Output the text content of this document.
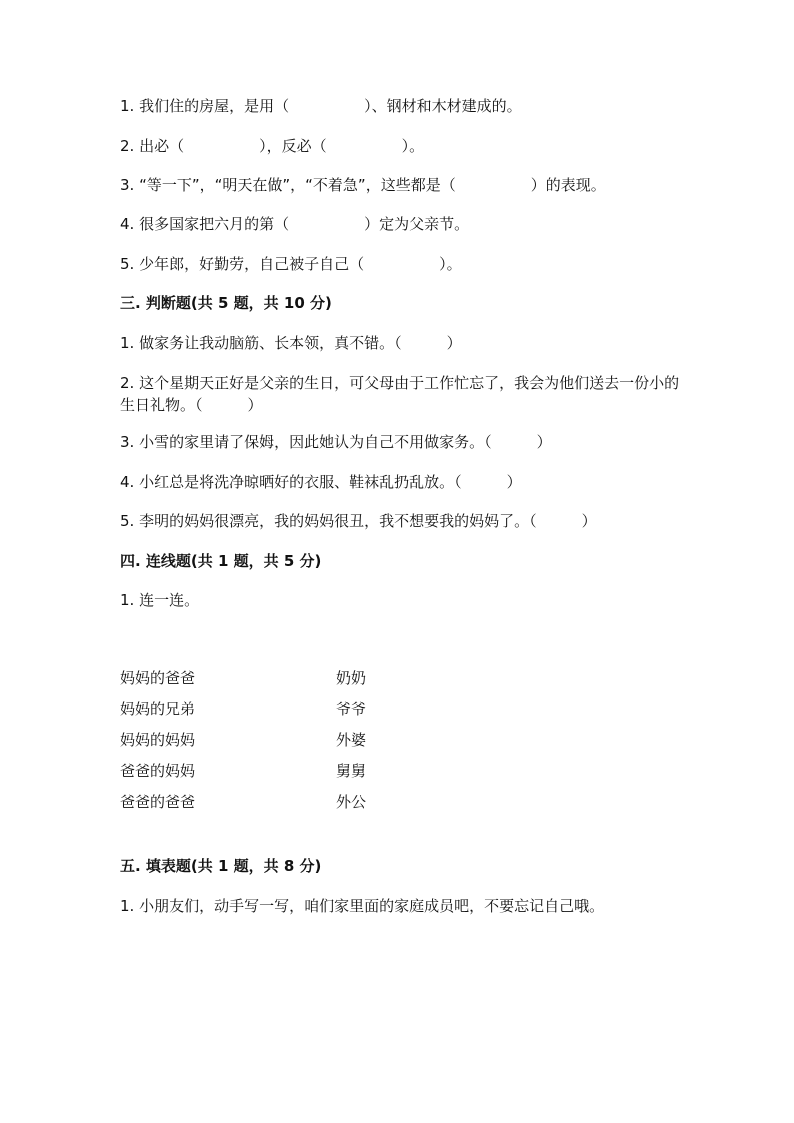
1. 我们住的房屋，是用（　　　　　）、钢材和木材建成的。
2. 出必（　　　　　），反必（　　　　　）。
3. “等一下”，“明天在做”，“不着急”，这些都是（　　　　　）的表现。
4. 很多国家把六月的第（　　　　　）定为父亲节。
5. 少年郎，好勤劳，自己被子自己（　　　　　）。
三. 判断题(共 5 题，共 10 分)
1. 做家务让我动脑筋、长本领，真不错。（　　　）
2. 这个星期天正好是父亲的生日，可父母由于工作忙忘了，我会为他们送去一份小的生日礼物。（　　　）
3. 小雪的家里请了保姆，因此她认为自己不用做家务。（　　　）
4. 小红总是将洗净晾晒好的衣服、鞋袜乱扔乱放。（　　　）
5. 李明的妈妈很漂亮，我的妈妈很丑，我不想要我的妈妈了。（　　　）
四. 连线题(共 1 题，共 5 分)
1. 连一连。
妈妈的爸爸
妈妈的兄弟
妈妈的妈妈
爸爸的妈妈
爸爸的爸爸
奶奶
爷爷
外婆
舅舅
外公
五. 填表题(共 1 题，共 8 分)
1. 小朋友们，动手写一写，咱们家里面的家庭成员吧，不要忘记自己哦。
